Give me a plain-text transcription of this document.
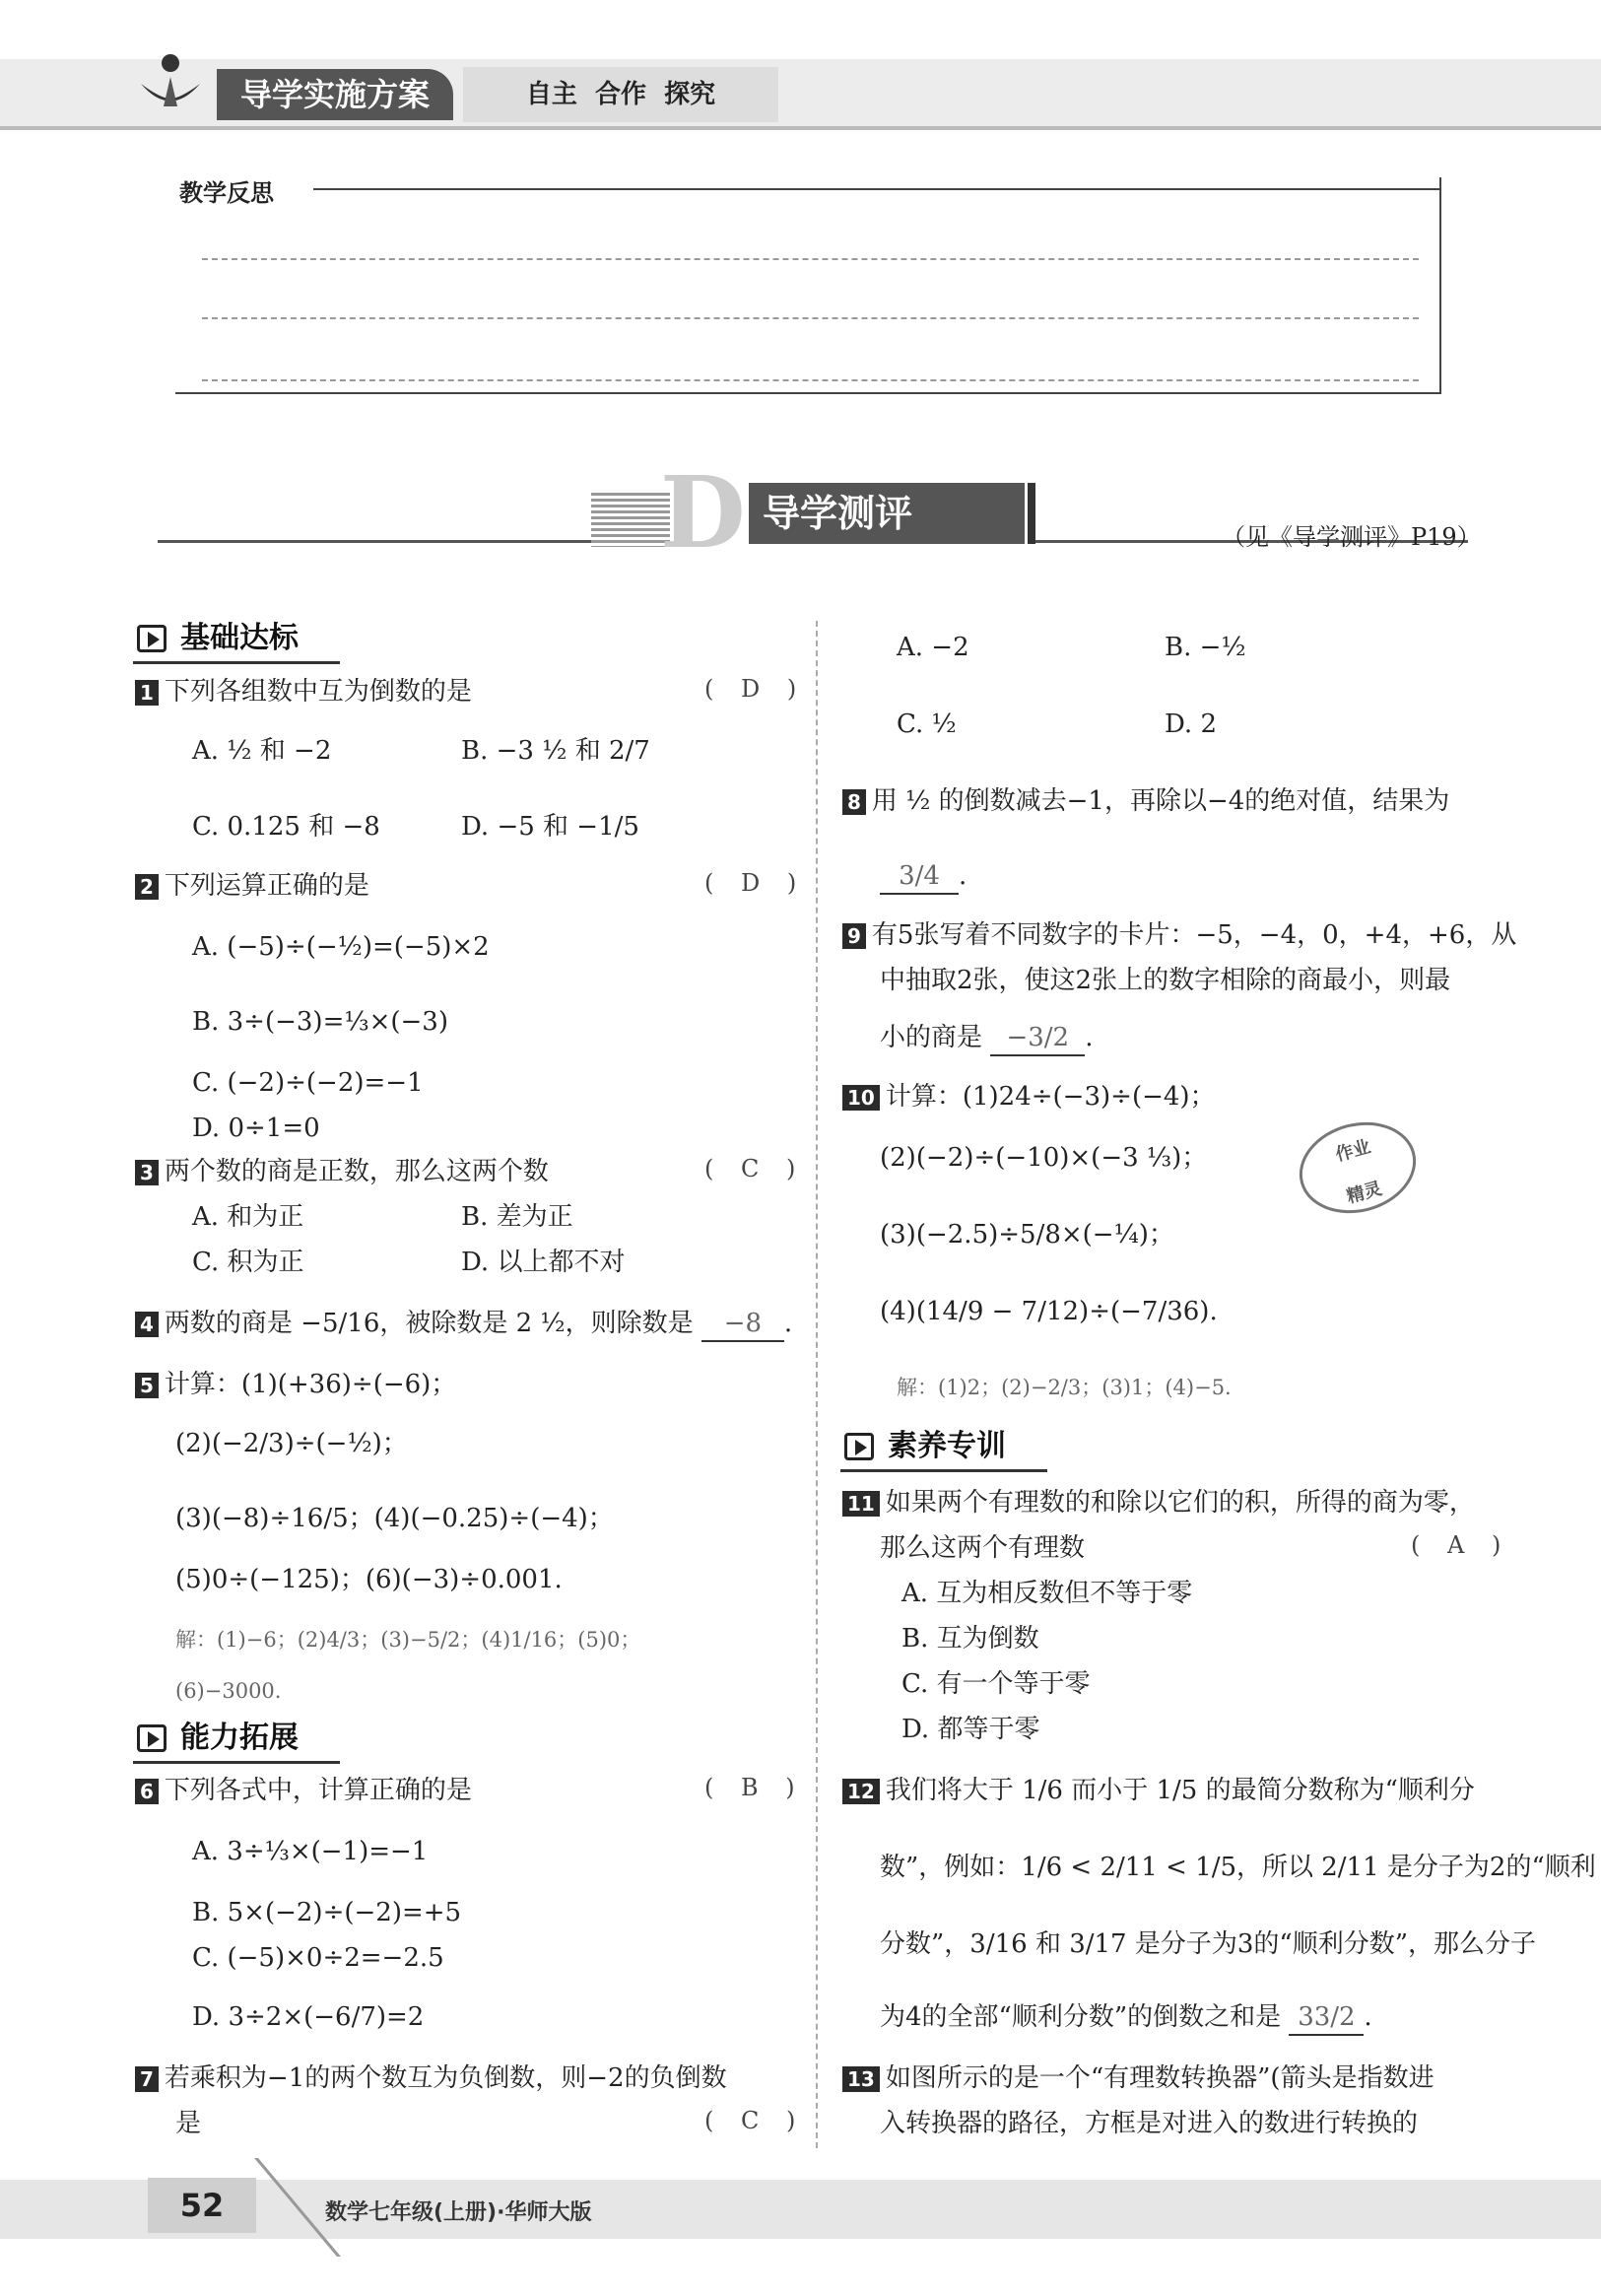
导学实施方案	自主  合作  探究
教学反思
D 导学测评
（见《导学测评》P19）
基础达标
1 下列各组数中互为倒数的是	( D )
A. ½ 和 −2	B. −3 ½ 和 2/7
C. 0.125 和 −8	D. −5 和 −1/5
2 下列运算正确的是	( D )
A. (−5)÷(−½)=(−5)×2
B. 3÷(−3)=⅓×(−3)
C. (−2)÷(−2)=−1
D. 0÷1=0
3 两个数的商是正数，那么这两个数	( C )
A. 和为正	B. 差为正
C. 积为正	D. 以上都不对
4 两数的商是 −5/16，被除数是 2 ½，则除数是 −8 .
5 计算：(1)(+36)÷(−6)；
(2)(−2/3)÷(−½)；
(3)(−8)÷16/5；(4)(−0.25)÷(−4)；
(5)0÷(−125)；(6)(−3)÷0.001.
解：(1)−6；(2)4/3；(3)−5/2；(4)1/16；(5)0；
(6)−3000.
能力拓展
6 下列各式中，计算正确的是	( B )
A. 3÷⅓×(−1)=−1
B. 5×(−2)÷(−2)=+5
C. (−5)×0÷2=−2.5
D. 3÷2×(−6/7)=2
7 若乘积为−1的两个数互为负倒数，则−2的负倒数
是	( C )
A. −2	B. −½
C. ½	D. 2
8 用 ½ 的倒数减去−1，再除以−4的绝对值，结果为
3/4 .
9 有5张写着不同数字的卡片：−5，−4，0，+4，+6，从
中抽取2张，使这2张上的数字相除的商最小，则最
小的商是 −3/2 .
10 计算：(1)24÷(−3)÷(−4)；
(2)(−2)÷(−10)×(−3 ⅓)；
(3)(−2.5)÷5/8×(−¼)；
(4)(14/9 − 7/12)÷(−7/36).
解：(1)2；(2)−2/3；(3)1；(4)−5.
作业
精灵
素养专训
11 如果两个有理数的和除以它们的积，所得的商为零，
那么这两个有理数	( A )
A. 互为相反数但不等于零
B. 互为倒数
C. 有一个等于零
D. 都等于零
12 我们将大于 1/6 而小于 1/5 的最简分数称为“顺利分
数”，例如：1/6 < 2/11 < 1/5，所以 2/11 是分子为2的“顺利
分数”，3/16 和 3/17 是分子为3的“顺利分数”，那么分子
为4的全部“顺利分数”的倒数之和是 33/2 .
13 如图所示的是一个“有理数转换器”(箭头是指数进
入转换器的路径，方框是对进入的数进行转换的
52	数学七年级(上册)·华师大版
